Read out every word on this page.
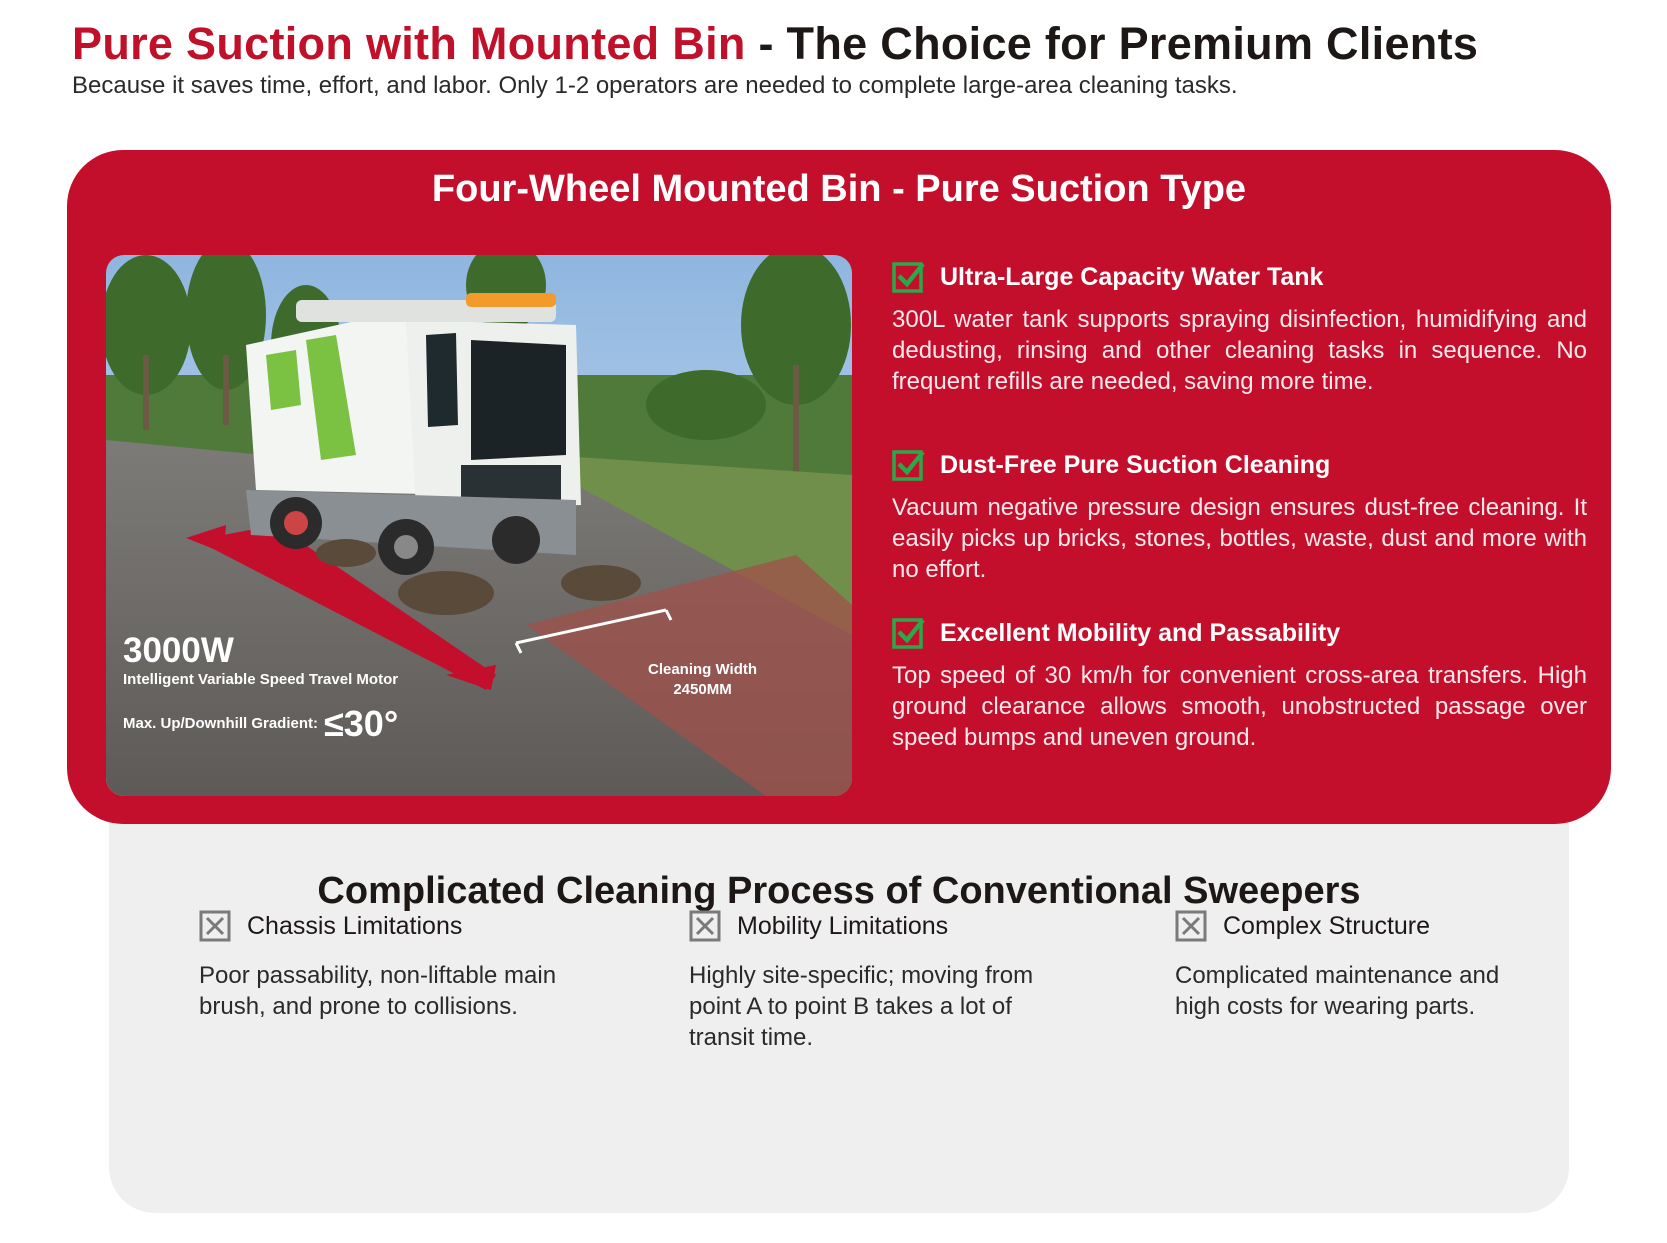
Pure Suction with Mounted Bin - The Choice for Premium Clients
Because it saves time, effort, and labor. Only 1-2 operators are needed to complete large-area cleaning tasks.
Complicated Cleaning Process of Conventional Sweepers
Chassis Limitations
Poor passability, non-liftable main brush, and prone to collisions.
Mobility Limitations
Highly site-specific; moving from point A to point B takes a lot of transit time.
Complex Structure
Complicated maintenance and high costs for wearing parts.
Four-Wheel Mounted Bin - Pure Suction Type
3000W
Intelligent Variable Speed Travel Motor
Max. Up/Downhill Gradient: ≤30°
Cleaning Width
2450MM
Ultra-Large Capacity Water Tank
300L water tank supports spraying disinfection, humidifying and dedusting, rinsing and other cleaning tasks in sequence. No frequent refills are needed, saving more time.
Dust-Free Pure Suction Cleaning
Vacuum negative pressure design ensures dust-free cleaning. It easily picks up bricks, stones, bottles, waste, dust and more with no effort.
Excellent Mobility and Passability
Top speed of 30 km/h for convenient cross-area transfers. High ground clearance allows smooth, unobstructed passage over speed bumps and uneven ground.
